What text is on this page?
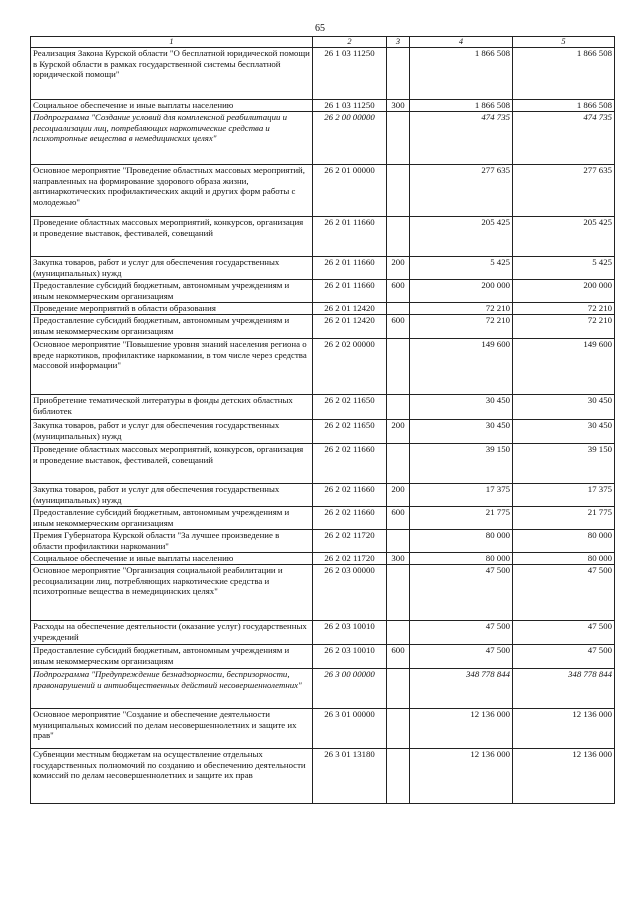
65
1	2	3	4	5
Реализация Закона Курской области "О бесплатной юридической помощи в Курской области в рамках государственной системы бесплатной юридической помощи"	26 1 03 11250		1 866 508	1 866 508
Социальное обеспечение и иные выплаты населению	26 1 03 11250	300	1 866 508	1 866 508
Подпрограмма "Создание условий для комплексной реабилитации и ресоциализации лиц, потребляющих наркотические средства и психотропные вещества в немедицинских целях"	26 2 00 00000		474 735	474 735
Основное мероприятие "Проведение областных массовых мероприятий, направленных на формирование здорового образа жизни, антинаркотических профилактических акций и других форм работы с молодежью"	26 2 01 00000		277 635	277 635
Проведение областных массовых мероприятий, конкурсов, организация и проведение выставок, фестивалей, совещаний	26 2 01 11660		205 425	205 425
Закупка товаров, работ и услуг для обеспечения государственных (муниципальных) нужд	26 2 01 11660	200	5 425	5 425
Предоставление субсидий бюджетным, автономным учреждениям и иным некоммерческим организациям	26 2 01 11660	600	200 000	200 000
Проведение мероприятий в области образования	26 2 01 12420		72 210	72 210
Предоставление субсидий бюджетным, автономным учреждениям и иным некоммерческим организациям	26 2 01 12420	600	72 210	72 210
Основное мероприятие "Повышение уровня знаний населения региона о вреде наркотиков, профилактике наркомании, в том числе через средства массовой информации"	26 2 02 00000		149 600	149 600
Приобретение тематической литературы в фонды детских областных библиотек	26 2 02 11650		30 450	30 450
Закупка товаров, работ и услуг для обеспечения государственных (муниципальных) нужд	26 2 02 11650	200	30 450	30 450
Проведение областных массовых мероприятий, конкурсов, организация и проведение выставок, фестивалей, совещаний	26 2 02 11660		39 150	39 150
Закупка товаров, работ и услуг для обеспечения государственных (муниципальных) нужд	26 2 02 11660	200	17 375	17 375
Предоставление субсидий бюджетным, автономным учреждениям и иным некоммерческим организациям	26 2 02 11660	600	21 775	21 775
Премия Губернатора Курской области "За лучшее произведение в области профилактики наркомании"	26 2 02 11720		80 000	80 000
Социальное обеспечение и иные выплаты населению	26 2 02 11720	300	80 000	80 000
Основное мероприятие "Организация социальной реабилитации и ресоциализации лиц, потребляющих наркотические средства и психотропные вещества в немедицинских целях"	26 2 03 00000		47 500	47 500
Расходы на обеспечение деятельности (оказание услуг) государственных учреждений	26 2 03 10010		47 500	47 500
Предоставление субсидий бюджетным, автономным учреждениям и иным некоммерческим организациям	26 2 03 10010	600	47 500	47 500
Подпрограмма "Предупреждение безнадзорности, беспризорности, правонарушений и антиобщественных действий несовершеннолетних"	26 3 00 00000		348 778 844	348 778 844
Основное мероприятие "Создание и обеспечение деятельности муниципальных комиссий по делам несовершеннолетних и защите их прав"	26 3 01 00000		12 136 000	12 136 000
Субвенции местным бюджетам на осуществление отдельных государственных полномочий по созданию и обеспечению деятельности комиссий по делам несовершеннолетних и защите их прав	26 3 01 13180		12 136 000	12 136 000
